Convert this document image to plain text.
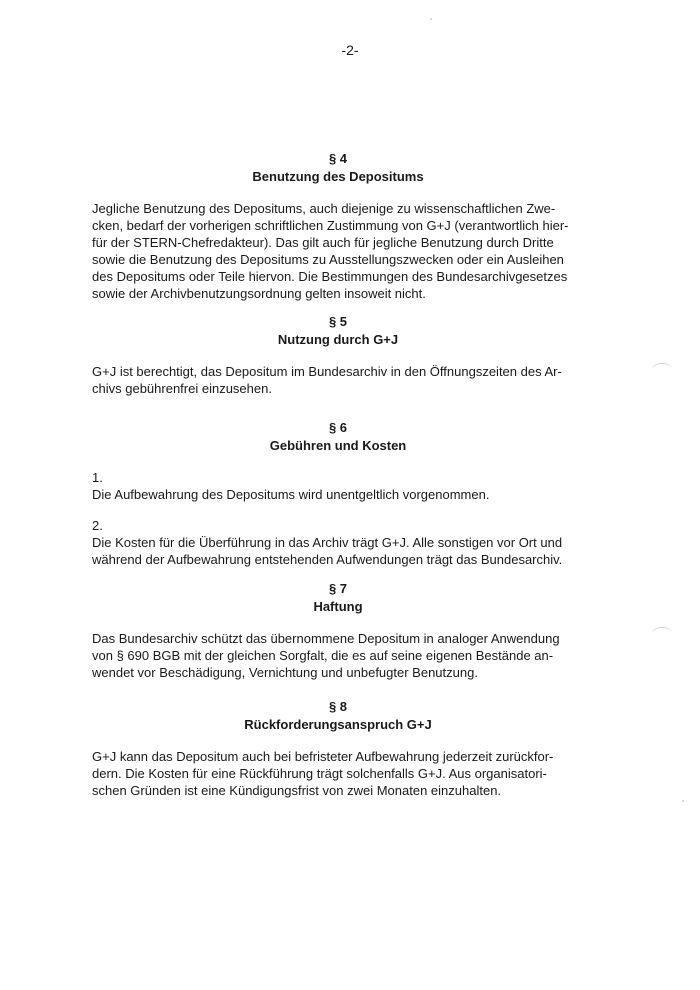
-2-

§ 4

Benutzung des Depositums

Jegliche Benutzung des Depositums, auch diejenige zu wissenschaftlichen Zwe-

cken, bedarf der vorherigen schriftlichen Zustimmung von G+J (verantwortlich hier-

für der STERN-Chefredakteur). Das gilt auch für jegliche Benutzung durch Dritte

sowie die Benutzung des Depositums zu Ausstellungszwecken oder ein Ausleihen

des Depositums oder Teile hiervon. Die Bestimmungen des Bundesarchivgesetzes

sowie der Archivbenutzungsordnung gelten insoweit nicht.

§ 5

Nutzung durch G+J

G+J ist berechtigt, das Depositum im Bundesarchiv in den Öffnungszeiten des Ar-

chivs gebührenfrei einzusehen.

§ 6

Gebühren und Kosten

1.

Die Aufbewahrung des Depositums wird unentgeltlich vorgenommen.

2.

Die Kosten für die Überführung in das Archiv trägt G+J. Alle sonstigen vor Ort und

während der Aufbewahrung entstehenden Aufwendungen trägt das Bundesarchiv.

§ 7

Haftung

Das Bundesarchiv schützt das übernommene Depositum in analoger Anwendung

von § 690 BGB mit der gleichen Sorgfalt, die es auf seine eigenen Bestände an-

wendet vor Beschädigung, Vernichtung und unbefugter Benutzung.

§ 8

Rückforderungsanspruch G+J

G+J kann das Depositum auch bei befristeter Aufbewahrung jederzeit zurückfor-

dern. Die Kosten für eine Rückführung trägt solchenfalls G+J. Aus organisatori-

schen Gründen ist eine Kündigungsfrist von zwei Monaten einzuhalten.
